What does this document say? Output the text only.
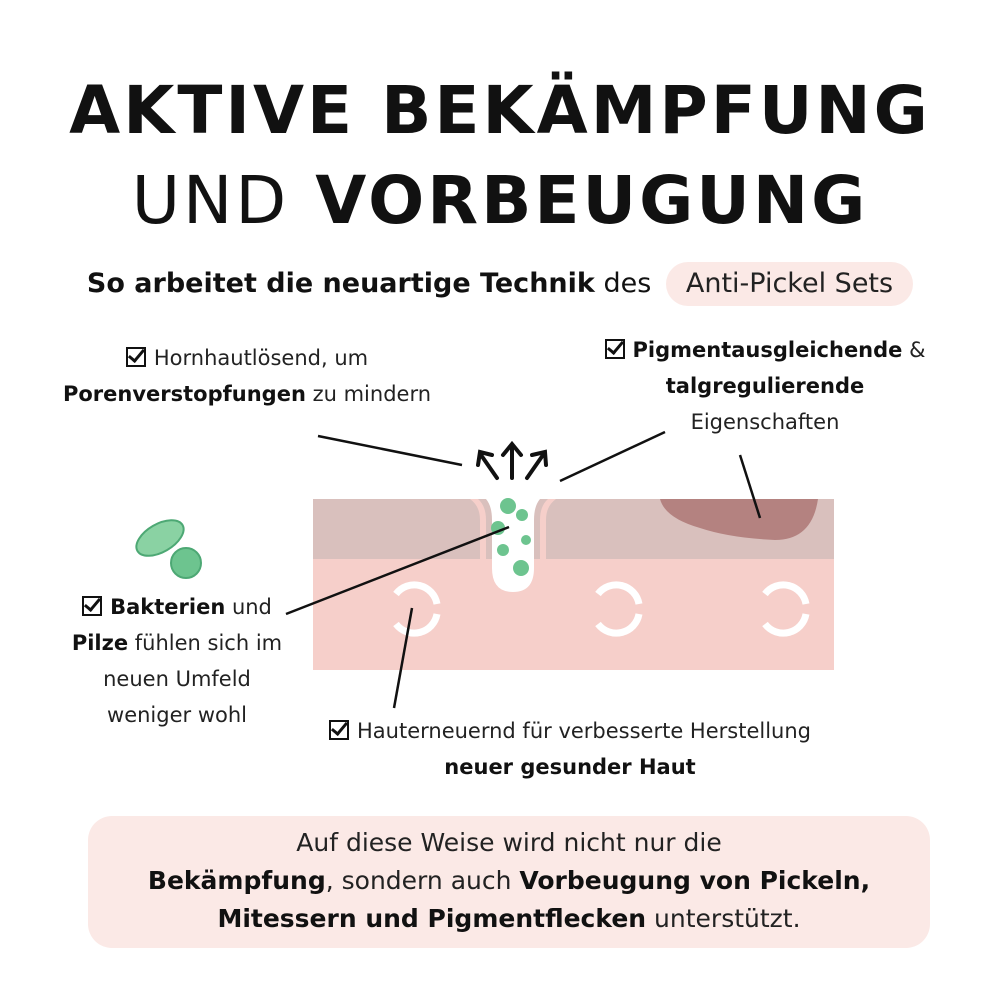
AKTIVE BEKÄMPFUNG
UND VORBEUGUNG
So arbeitet die neuartige Technik des Anti-Pickel Sets
Hornhautlösend, um
Porenverstopfungen zu mindern
Pigmentausgleichende &
talgregulierende
Eigenschaften
Bakterien und
Pilze fühlen sich im
neuen Umfeld
weniger wohl
Hauterneuernd für verbesserte Herstellung
neuer gesunder Haut
Auf diese Weise wird nicht nur die
Bekämpfung, sondern auch Vorbeugung von Pickeln,
Mitessern und Pigmentflecken unterstützt.
